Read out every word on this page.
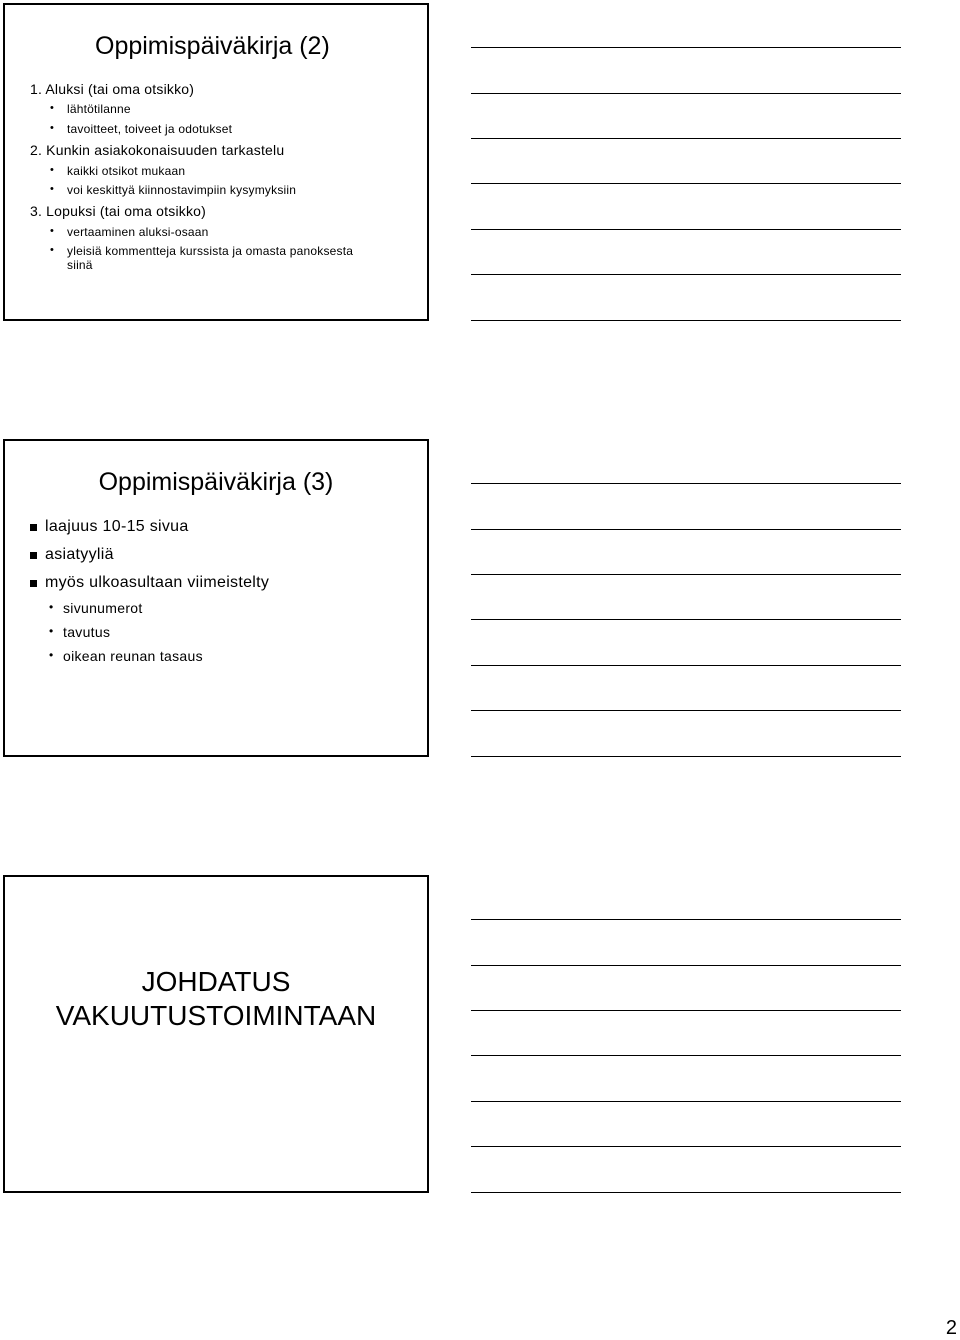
Oppimispäiväkirja (2)
1. Aluksi (tai oma otsikko)
• lähtötilanne
• tavoitteet, toiveet ja odotukset
2. Kunkin asiakokonaisuuden tarkastelu
• kaikki otsikot mukaan
• voi keskittyä kiinnostavimpiin kysymyksiin
3. Lopuksi (tai oma otsikko)
• vertaaminen aluksi-osaan
• yleisiä kommentteja kurssista ja omasta panoksesta
siinä
Oppimispäiväkirja (3)
laajuus 10-15 sivua
asiatyyliä
myös ulkoasultaan viimeistelty
• sivunumerot
• tavutus
• oikean reunan tasaus
JOHDATUS
VAKUUTUSTOIMINTAAN
2
